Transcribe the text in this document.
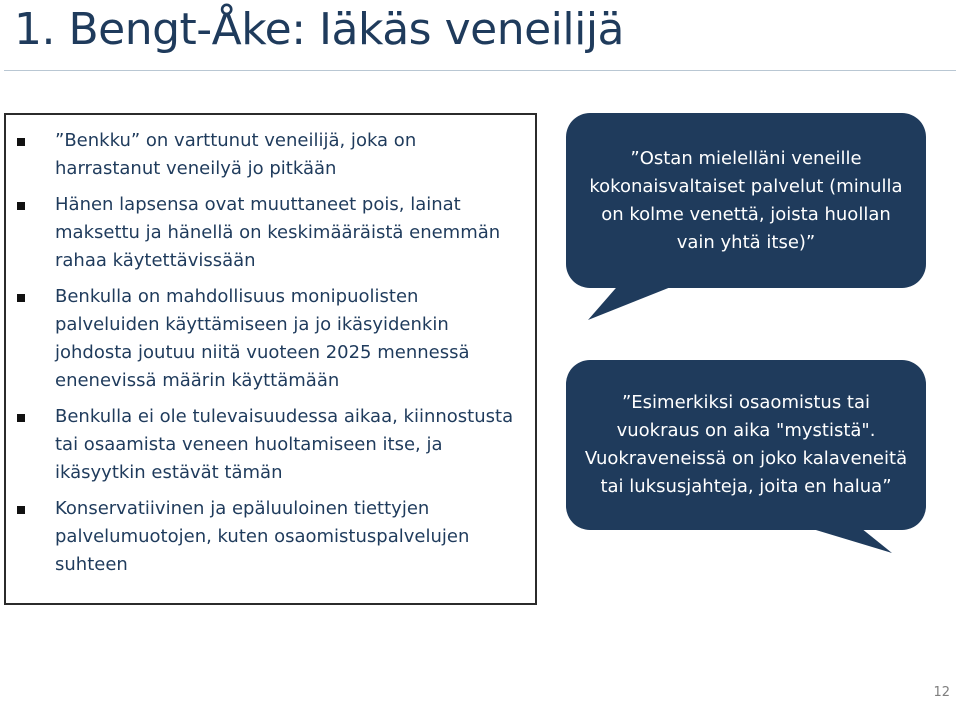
1. Bengt-Åke: Iäkäs veneilijä
”Benkku” on varttunut veneilijä, joka on harrastanut veneilyä jo pitkään
Hänen lapsensa ovat muuttaneet pois, lainat maksettu ja hänellä on keskimääräistä enemmän rahaa käytettävissään
Benkulla on mahdollisuus monipuolisten palveluiden käyttämiseen ja jo ikäsyidenkin johdosta joutuu niitä vuoteen 2025 mennessä enenevissä määrin käyttämään
Benkulla ei ole tulevaisuudessa aikaa, kiinnostusta tai osaamista veneen huoltamiseen itse, ja ikäsyytkin estävät tämän
Konservatiivinen ja epäluuloinen tiettyjen palvelumuotojen, kuten osaomistuspalvelujen suhteen
”Ostan mielelläni veneille kokonaisvaltaiset palvelut (minulla on kolme venettä, joista huollan vain yhtä itse)”
”Esimerkiksi osaomistus tai vuokraus on aika "mystistä". Vuokraveneissä on joko kalaveneitä tai luksusjahteja, joita en halua”
12
